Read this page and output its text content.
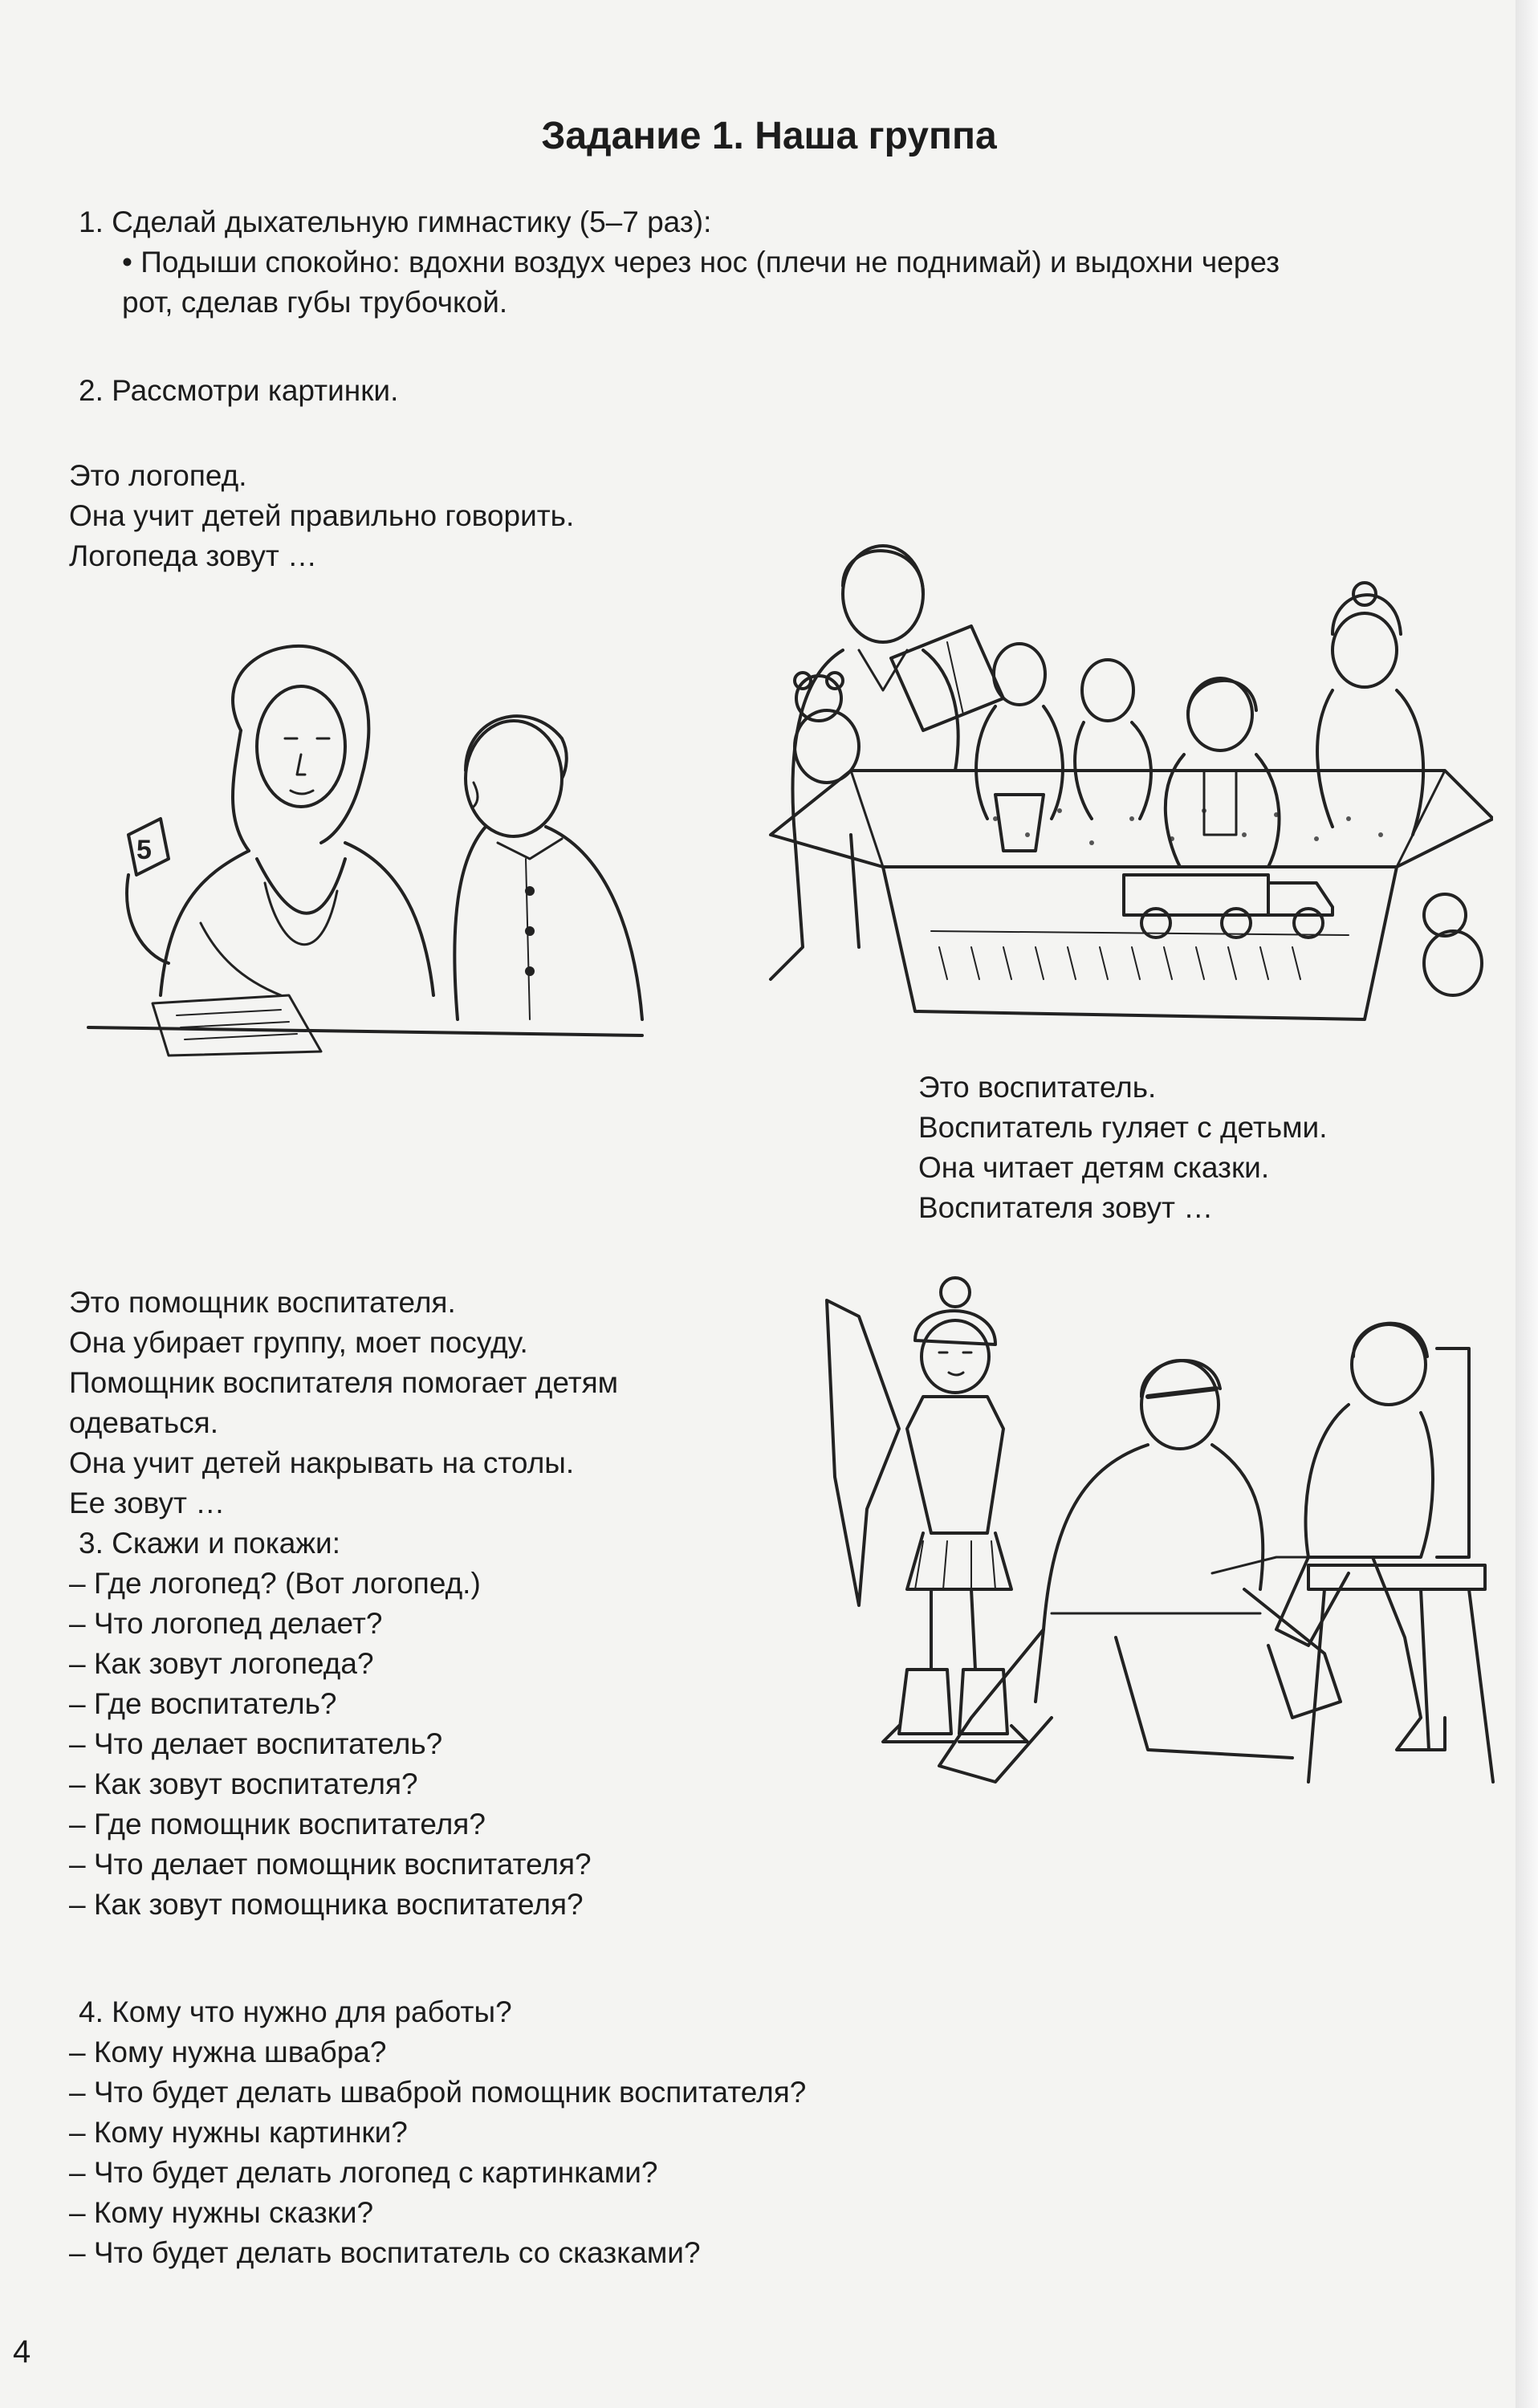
Задание 1. Наша группа
1. Сделай дыхательную гимнастику (5–7 раз):
• Подыши спокойно: вдохни воздух через нос (плечи не поднимай) и выдохни через
рот, сделав губы трубочкой.
2. Рассмотри картинки.
Это логопед.
Она учит детей правильно говорить.
Логопеда зовут …
5
Это воспитатель.
Воспитатель гуляет с детьми.
Она читает детям сказки.
Воспитателя зовут …
Это помощник воспитателя.
Она убирает группу, моет посуду.
Помощник воспитателя помогает детям
одеваться.
Она учит детей накрывать на столы.
Ее зовут …
3. Скажи и покажи:
– Где логопед? (Вот логопед.)
– Что логопед делает?
– Как зовут логопеда?
– Где воспитатель?
– Что делает воспитатель?
– Как зовут воспитателя?
– Где помощник воспитателя?
– Что делает помощник воспитателя?
– Как зовут помощника воспитателя?
4. Кому что нужно для работы?
– Кому нужна швабра?
– Что будет делать шваброй помощник воспитателя?
– Кому нужны картинки?
– Что будет делать логопед с картинками?
– Кому нужны сказки?
– Что будет делать воспитатель со сказками?
4
